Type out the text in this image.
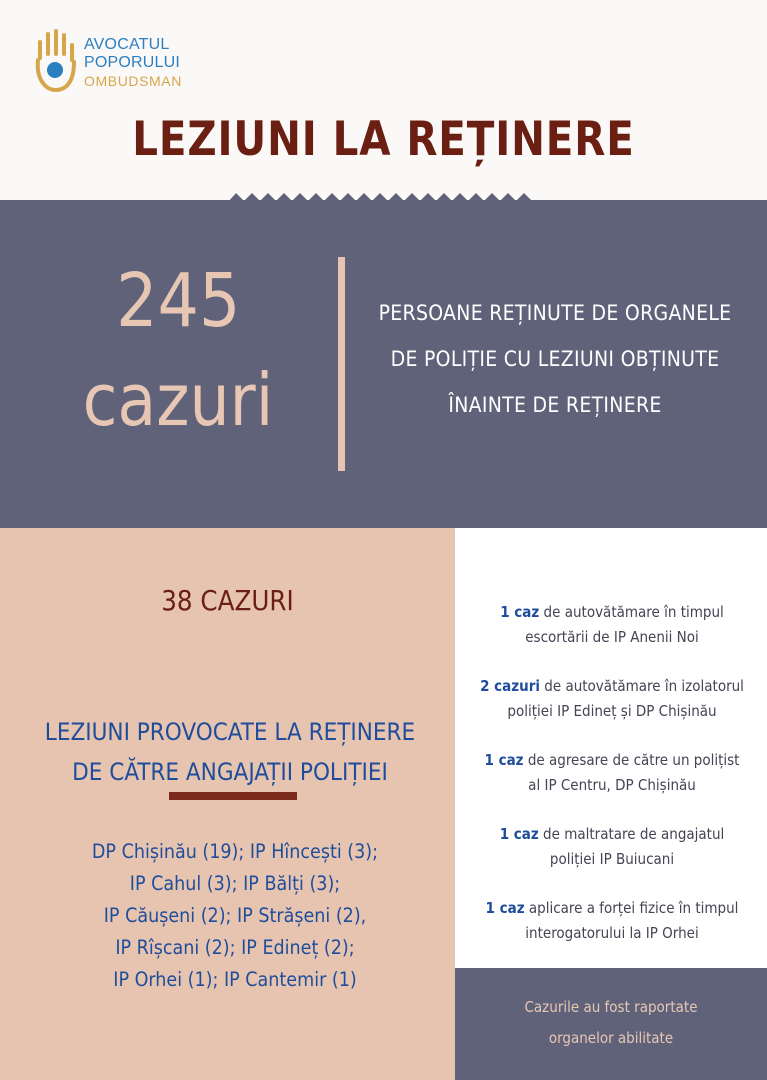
AVOCATUL
POPORULUI
OMBUDSMAN
LEZIUNI LA REȚINERE
245
cazuri
PERSOANE REȚINUTE DE ORGANELE
DE POLIȚIE CU LEZIUNI OBȚINUTE
ÎNAINTE DE REȚINERE
38 CAZURI
LEZIUNI PROVOCATE LA REȚINERE
DE CĂTRE ANGAJAȚII POLIȚIEI
DP Chișinău (19); IP Hîncești (3);
IP Cahul (3); IP Bălți (3);
IP Căușeni (2); IP Strășeni (2),
IP Rîșcani (2); IP Edineț (2);
IP Orhei (1); IP Cantemir (1)
1 caz de autovătămare în timpul
escortării de IP Anenii Noi
2 cazuri de autovătămare în izolatorul
poliției IP Edineț și DP Chișinău
1 caz de agresare de către un polițist
al IP Centru, DP Chișinău
1 caz de maltratare de angajatul
poliției IP Buiucani
1 caz aplicare a forței fizice în timpul
interogatorului la IP Orhei
Cazurile au fost raportate
organelor abilitate
